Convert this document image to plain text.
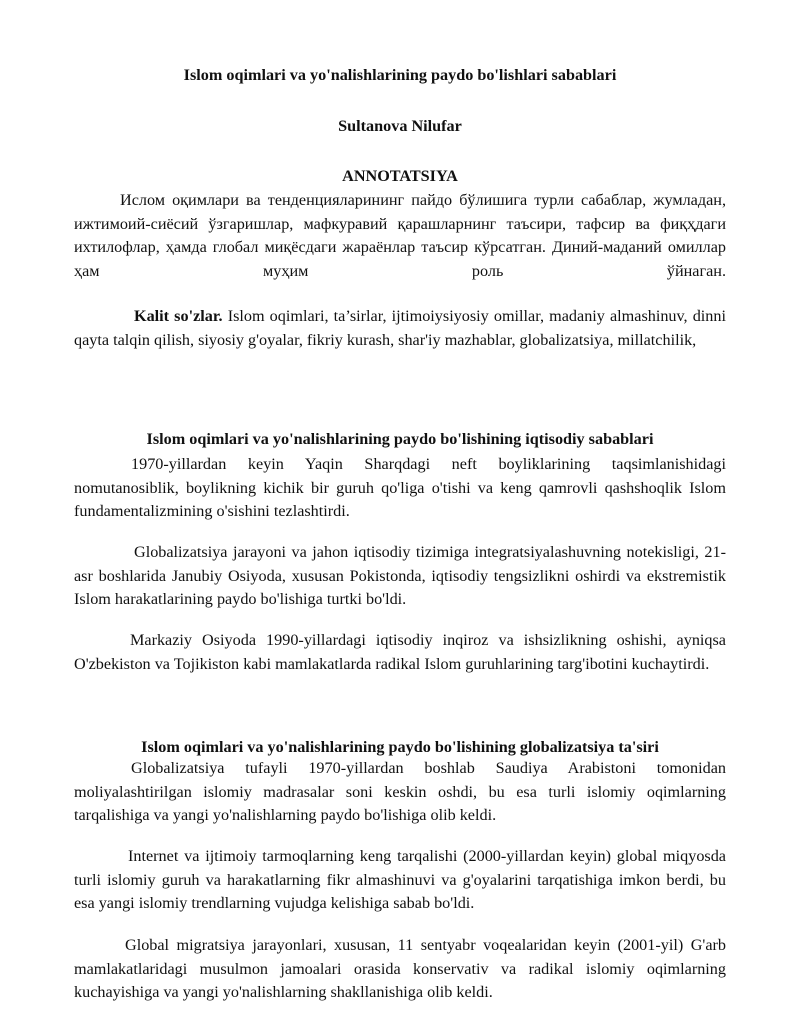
Islom oqimlari va yo'nalishlarining paydo bo'lishlari sabablari
Sultanova Nilufar
ANNOTATSIYA

Ислом оқимлари ва тенденцияларининг пайдо бўлишига турли сабаблар, жумладан, ижтимоий-сиёсий ўзгаришлар, мафкуравий қарашларнинг таъсири, тафсир ва фиқҳдаги ихтилофлар, ҳамда глобал миқёсдаги жараёнлар таъсир кўрсатган. Диний-маданий омиллар ҳам муҳим роль ўйнаган.

Kalit so'zlar. Islom oqimlari, ta’sirlar, ijtimoiysiyosiy omillar, madaniy almashinuv, dinni qayta talqin qilish, siyosiy g'oyalar, fikriy kurash, shar'iy mazhablar, globalizatsiya, millatchilik,

Islom oqimlari va yo'nalishlarining paydo bo'lishining iqtisodiy sabablari

1970-yillardan keyin Yaqin Sharqdagi neft boyliklarining taqsimlanishidagi nomutanosiblik, boylikning kichik bir guruh qo'liga o'tishi va keng qamrovli qashshoqlik Islom fundamentalizmining o'sishini tezlashtirdi.

Globalizatsiya jarayoni va jahon iqtisodiy tizimiga integratsiyalashuvning notekisligi, 21-asr boshlarida Janubiy Osiyoda, xususan Pokistonda, iqtisodiy tengsizlikni oshirdi va ekstremistik Islom harakatlarining paydo bo'lishiga turtki bo'ldi.

Markaziy Osiyoda 1990-yillardagi iqtisodiy inqiroz va ishsizlikning oshishi, ayniqsa O'zbekiston va Tojikiston kabi mamlakatlarda radikal Islom guruhlarining targ'ibotini kuchaytirdi.

Islom oqimlari va yo'nalishlarining paydo bo'lishining globalizatsiya ta'siri

Globalizatsiya tufayli 1970-yillardan boshlab Saudiya Arabistoni tomonidan moliyalashtirilgan islomiy madrasalar soni keskin oshdi, bu esa turli islomiy oqimlarning tarqalishiga va yangi yo'nalishlarning paydo bo'lishiga olib keldi.

Internet va ijtimoiy tarmoqlarning keng tarqalishi (2000-yillardan keyin) global miqyosda turli islomiy guruh va harakatlarning fikr almashinuvi va g'oyalarini tarqatishiga imkon berdi, bu esa yangi islomiy trendlarning vujudga kelishiga sabab bo'ldi.

Global migratsiya jarayonlari, xususan, 11 sentyabr voqealaridan keyin (2001-yil) G'arb mamlakatlaridagi musulmon jamoalari orasida konservativ va radikal islomiy oqimlarning kuchayishiga va yangi yo'nalishlarning shakllanishiga olib keldi.
